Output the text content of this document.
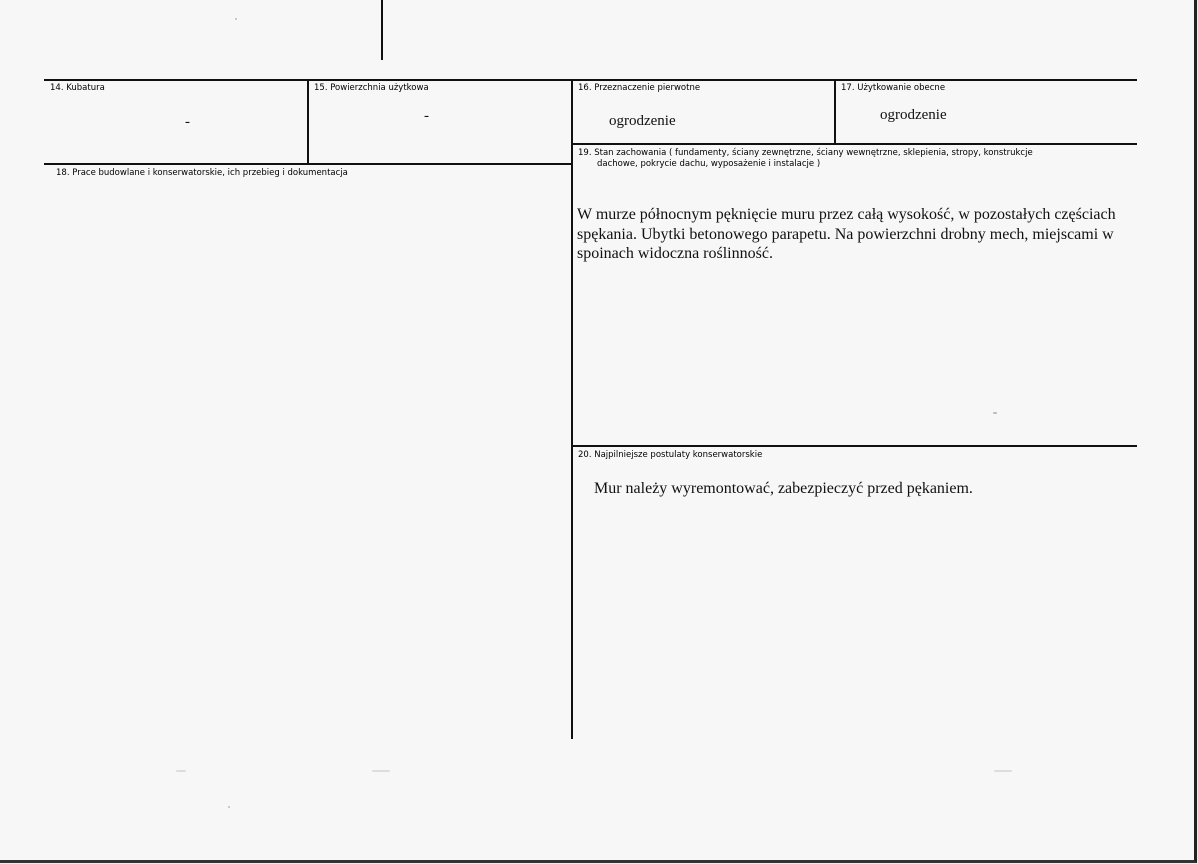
14. Kubatura
-
15. Powierzchnia użytkowa
-
16. Przeznaczenie pierwotne
ogrodzenie
17. Użytkowanie obecne
ogrodzenie
18. Prace budowlane i konserwatorskie, ich przebieg i dokumentacja
19. Stan zachowania ( fundamenty, ściany zewnętrzne, ściany wewnętrzne, sklepienia, stropy, konstrukcje
dachowe, pokrycie dachu, wyposażenie i instalacje )
W murze północnym pęknięcie muru przez całą wysokość, w pozostałych częściach spękania. Ubytki betonowego parapetu. Na powierzchni drobny mech, miejscami w spoinach widoczna roślinność.
20. Najpilniejsze postulaty konserwatorskie
Mur należy wyremontować, zabezpieczyć przed pękaniem.
